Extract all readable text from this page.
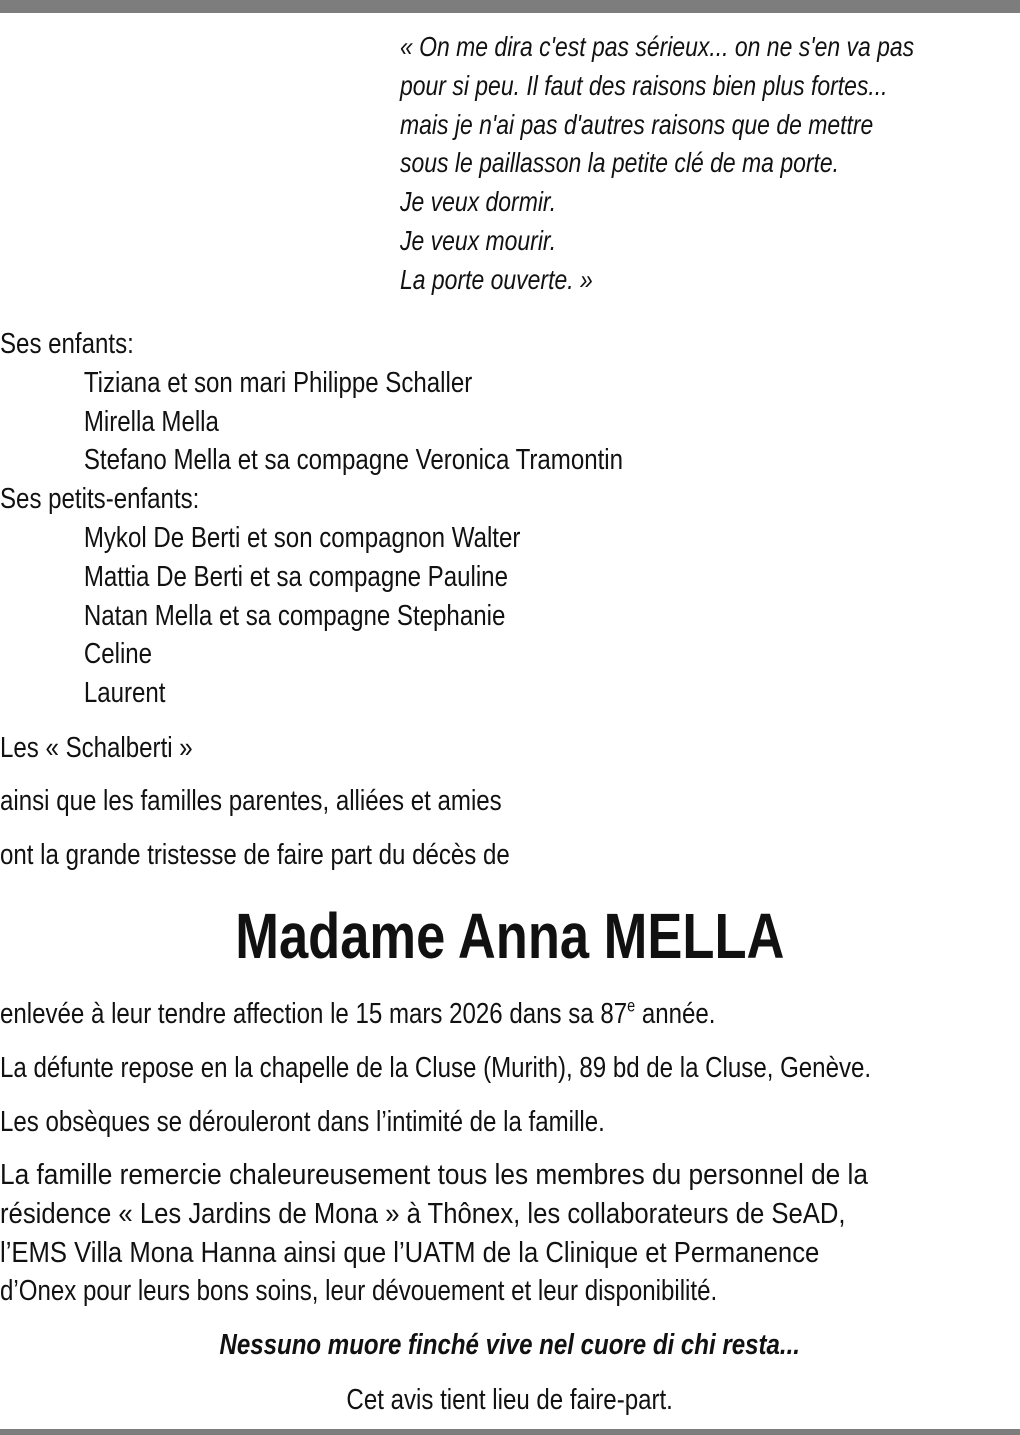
« On me dira c'est pas sérieux... on ne s'en va pas
pour si peu. Il faut des raisons bien plus fortes...
mais je n'ai pas d'autres raisons que de mettre
sous le paillasson la petite clé de ma porte.
Je veux dormir.
Je veux mourir.
La porte ouverte. »
Ses enfants:
Tiziana et son mari Philippe Schaller
Mirella Mella
Stefano Mella et sa compagne Veronica Tramontin
Ses petits-enfants:
Mykol De Berti et son compagnon Walter
Mattia De Berti et sa compagne Pauline
Natan Mella et sa compagne Stephanie
Celine
Laurent
Les « Schalberti »
ainsi que les familles parentes, alliées et amies
ont la grande tristesse de faire part du décès de
Madame Anna MELLA
enlevée à leur tendre affection le 15 mars 2026 dans sa 87e année.
La défunte repose en la chapelle de la Cluse (Murith), 89 bd de la Cluse, Genève.
Les obsèques se dérouleront dans l’intimité de la famille.
La famille remercie chaleureusement tous les membres du personnel de la
résidence « Les Jardins de Mona » à Thônex, les collaborateurs de SeAD,
l’EMS Villa Mona Hanna ainsi que l’UATM de la Clinique et Permanence
d’Onex pour leurs bons soins, leur dévouement et leur disponibilité.
Nessuno muore finché vive nel cuore di chi resta...
Cet avis tient lieu de faire-part.
